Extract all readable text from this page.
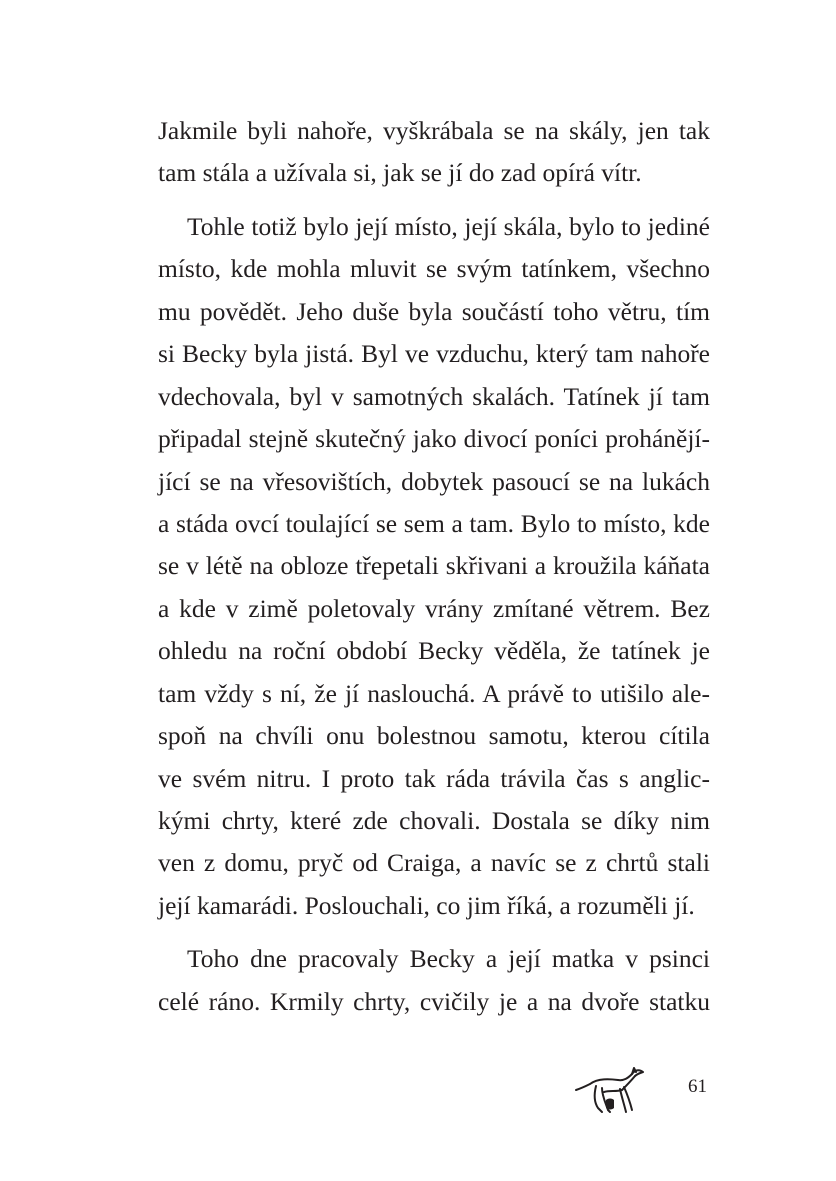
Jakmile byli nahoře, vyškrábala se na skály, jen tak
tam stála a užívala si, jak se jí do zad opírá vítr.
Tohle totiž bylo její místo, její skála, bylo to jediné
místo, kde mohla mluvit se svým tatínkem, všechno
mu povědět. Jeho duše byla součástí toho větru, tím
si Becky byla jistá. Byl ve vzduchu, který tam nahoře
vdechovala, byl v samotných skalách. Tatínek jí tam
připadal stejně skutečný jako divocí poníci prohánějí-
jící se na vřesovištích, dobytek pasoucí se na lukách
a stáda ovcí toulající se sem a tam. Bylo to místo, kde
se v létě na obloze třepetali skřivani a kroužila káňata
a kde v zimě poletovaly vrány zmítané větrem. Bez
ohledu na roční období Becky věděla, že tatínek je
tam vždy s ní, že jí naslouchá. A právě to utišilo ale-
spoň na chvíli onu bolestnou samotu, kterou cítila
ve svém nitru. I proto tak ráda trávila čas s anglic-
kými chrty, které zde chovali. Dostala se díky nim
ven z domu, pryč od Craiga, a navíc se z chrtů stali
její kamarádi. Poslouchali, co jim říká, a rozuměli jí.
Toho dne pracovaly Becky a její matka v psinci
celé ráno. Krmily chrty, cvičily je a na dvoře statku
61
